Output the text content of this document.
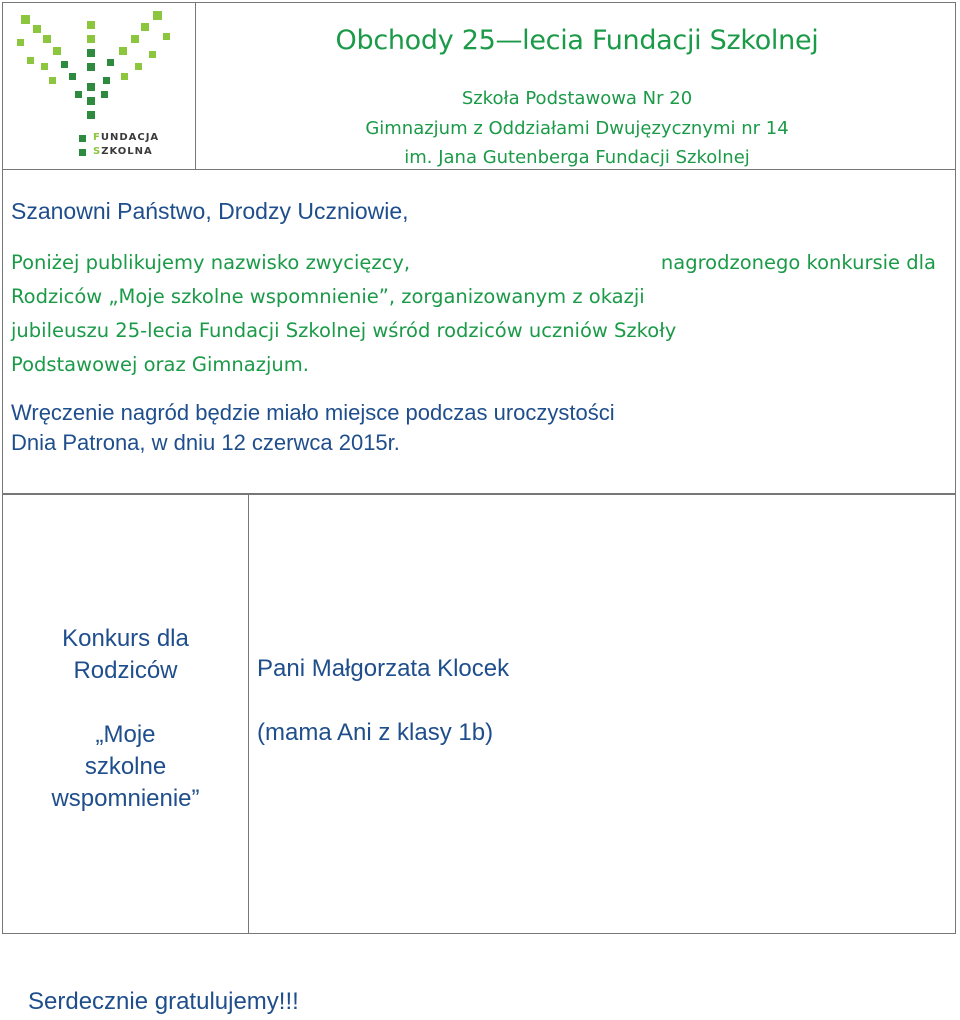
FUNDACJA
SZKOLNA
Obchody 25—lecia Fundacji Szkolnej
Szkoła Podstawowa Nr 20
Gimnazjum z Oddziałami Dwujęzycznymi nr 14
im. Jana Gutenberga Fundacji Szkolnej
Szanowni Państwo, Drodzy Uczniowie,
Poniżej publikujemy nazwisko zwycięzcy,	nagrodzonego konkursie dla
Rodziców „Moje szkolne wspomnienie”, zorganizowanym z okazji
jubileuszu 25-lecia Fundacji Szkolnej wśród rodziców uczniów Szkoły
Podstawowej oraz Gimnazjum.
Wręczenie nagród będzie miało miejsce podczas uroczystości
Dnia Patrona, w dniu 12 czerwca 2015r.
Konkurs dla
Rodziców
„Moje
szkolne
wspomnienie”
Pani Małgorzata Klocek
(mama Ani z klasy 1b)
Serdecznie gratulujemy!!!
